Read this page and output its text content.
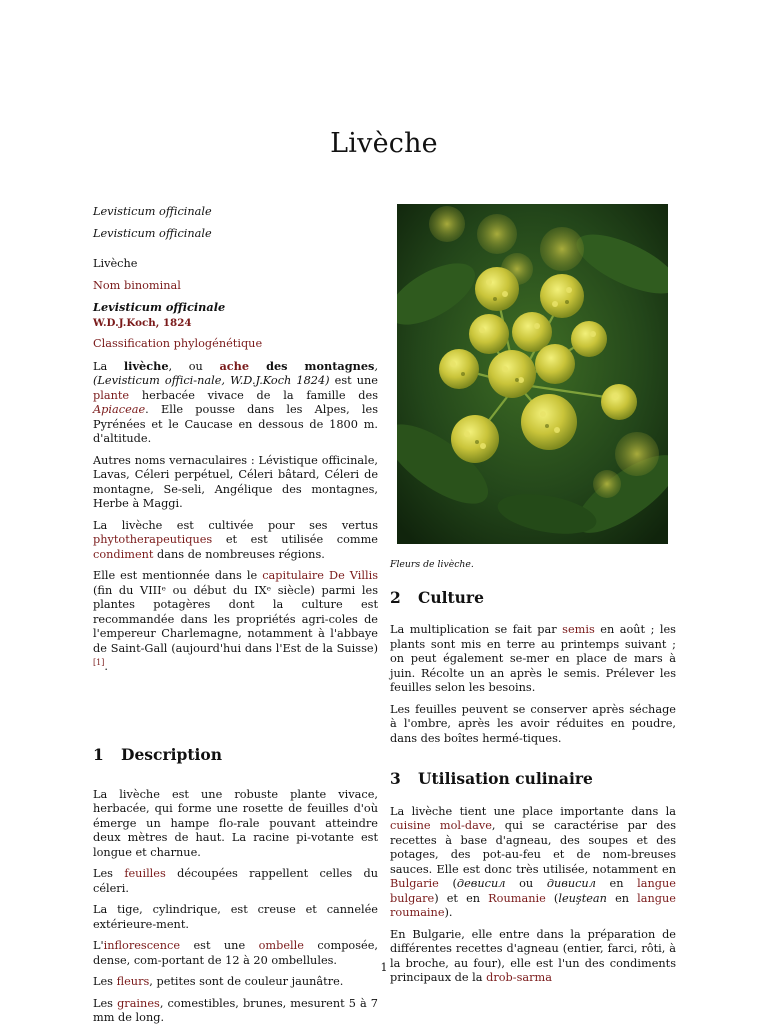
Livèche
Levisticum officinale
Levisticum officinale
Livèche
Nom binominal
Levisticum officinale
W.D.J.Koch, 1824
Classification phylogénétique

La livèche, ou ache des montagnes, (Levisticum offici-nale, W.D.J.Koch 1824) est une plante herbacée vivace de la famille des Apiaceae. Elle pousse dans les Alpes, les Pyrénées et le Caucase en dessous de 1800 m. d'altitude.

Autres noms vernaculaires : Lévistique officinale, Lavas, Céleri perpétuel, Céleri bâtard, Céleri de montagne, Se-seli, Angélique des montagnes, Herbe à Maggi.

La livèche est cultivée pour ses vertus phytotherapeutiques et est utilisée comme condiment dans de nombreuses régions.

Elle est mentionnée dans le capitulaire De Villis (fin du VIIIᵉ ou début du IXᵉ siècle) parmi les plantes potagères dont la culture est recommandée dans les propriétés agri-coles de l'empereur Charlemagne, notamment à l'abbaye de Saint-Gall (aujourd'hui dans l'Est de la Suisse)[1].

1 Description

La livèche est une robuste plante vivace, herbacée, qui forme une rosette de feuilles d'où émerge un hampe flo-rale pouvant atteindre deux mètres de haut. La racine pi-votante est longue et charnue.

Les feuilles découpées rappellent celles du céleri.

La tige, cylindrique, est creuse et cannelée extérieure-ment.

L'inflorescence est une ombelle composée, dense, com-portant de 12 à 20 ombellules.

Les fleurs, petites sont de couleur jaunâtre.

Les graines, comestibles, brunes, mesurent 5 à 7 mm de long.

Fleurs de livèche.
2 Culture

La multiplication se fait par semis en août ; les plants sont mis en terre au printemps suivant ; on peut également se-mer en place de mars à juin. Récolte un an après le semis. Prélever les feuilles selon les besoins.

Les feuilles peuvent se conserver après séchage à l'ombre, après les avoir réduites en poudre, dans des boîtes hermé-tiques.

3 Utilisation culinaire

La livèche tient une place importante dans la cuisine mol-dave, qui se caractérise par des recettes à base d'agneau, des soupes et des potages, des pot-au-feu et de nom-breuses sauces. Elle est donc très utilisée, notamment en Bulgarie (девисил ou дивисил en langue bulgare) et en Roumanie (leuştean en langue roumaine).

En Bulgarie, elle entre dans la préparation de différentes recettes d'agneau (entier, farci, rôti, à la broche, au four), elle est l'un des condiments principaux de la drob-sarma

1
